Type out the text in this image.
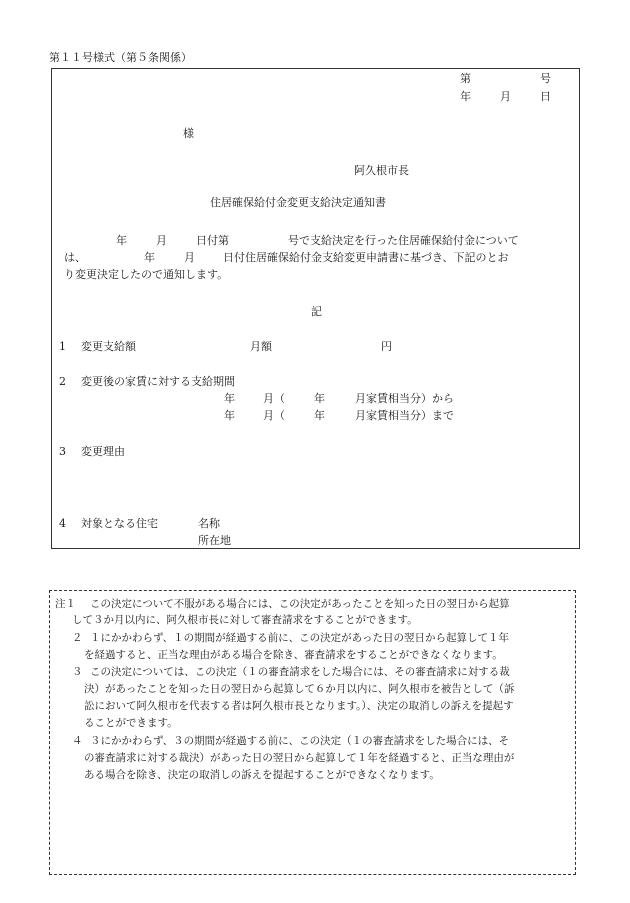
第１１号様式（第５条関係）
第	号
年	月	日
様
阿久根市長
住居確保給付金変更支給決定通知書
年	月	日付第	号で支給決定を行った住居確保給付金について
は、	年	月	日付住居確保給付金支給変更申請書に基づき、下記のとお
り変更決定したので通知します。
記
1 変更支給額	月額	円
2 変更後の家賃に対する支給期間
年	月（	年	月家賃相当分）から
年	月（	年	月家賃相当分）まで
3 変更理由
4 対象となる住宅	名称
所在地
注１ この決定について不服がある場合には、この決定があったことを知った日の翌日から起算
して３か月以内に、阿久根市長に対して審査請求をすることができます。
２ １にかかわらず、１の期間が経過する前に、この決定があった日の翌日から起算して１年
を経過すると、正当な理由がある場合を除き、審査請求をすることができなくなります。
３ この決定については、この決定（１の審査請求をした場合には、その審査請求に対する裁
決）があったことを知った日の翌日から起算して６か月以内に、阿久根市を被告として（訴
訟において阿久根市を代表する者は阿久根市長となります。）、決定の取消しの訴えを提起す
ることができます。
４ ３にかかわらず、３の期間が経過する前に、この決定（１の審査請求をした場合には、そ
の審査請求に対する裁決）があった日の翌日から起算して１年を経過すると、正当な理由が
ある場合を除き、決定の取消しの訴えを提起することができなくなります。
